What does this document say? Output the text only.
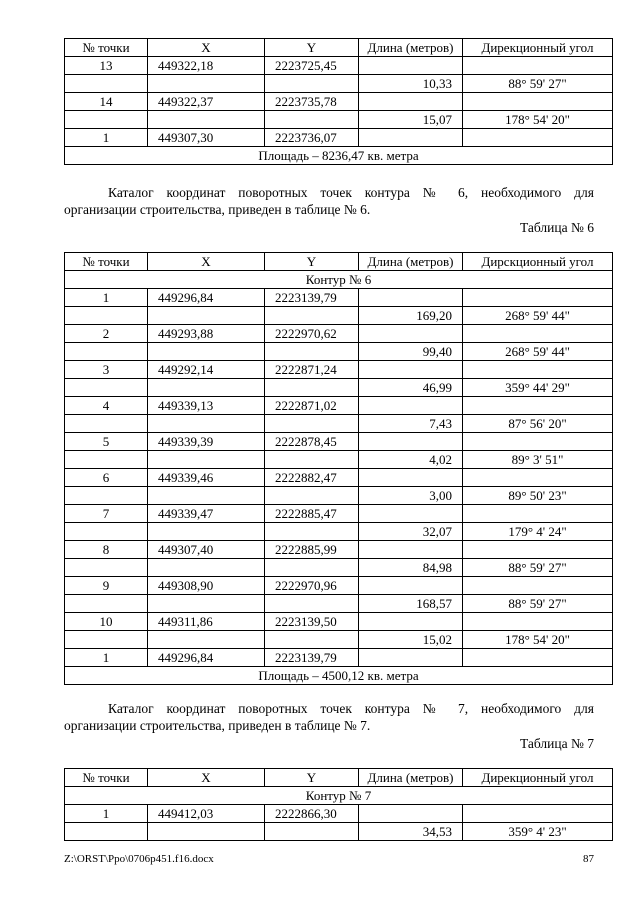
№ точки	X	Y	Длина (метров)	Дирекционный угол
13	449322,18	2223725,45		
			10,33	88° 59' 27"
14	449322,37	2223735,78		
			15,07	178° 54' 20"
1	449307,30	2223736,07		
Площадь – 8236,47 кв. метра				
Каталог координат поворотных точек контура № 6, необходимого для
организации строительства, приведен в таблице № 6.
Таблица № 6
№ точки	X	Y	Длина (метров)	Дирскционный угол
Контур № 6				
1	449296,84	2223139,79		
			169,20	268° 59' 44"
2	449293,88	2222970,62		
			99,40	268° 59' 44"
3	449292,14	2222871,24		
			46,99	359° 44' 29"
4	449339,13	2222871,02		
			7,43	87° 56' 20"
5	449339,39	2222878,45		
			4,02	89° 3' 51"
6	449339,46	2222882,47		
			3,00	89° 50' 23"
7	449339,47	2222885,47		
			32,07	179° 4' 24"
8	449307,40	2222885,99		
			84,98	88° 59' 27"
9	449308,90	2222970,96		
			168,57	88° 59' 27"
10	449311,86	2223139,50		
			15,02	178° 54' 20"
1	449296,84	2223139,79		
Площадь – 4500,12 кв. метра				
Каталог координат поворотных точек контура № 7, необходимого для
организации строительства, приведен в таблице № 7.
Таблица № 7
№ точки	X	Y	Длина (метров)	Дирекционный угол
Контур № 7				
1	449412,03	2222866,30		
			34,53	359° 4' 23"
Z:\ORST\Ppo\0706p451.f16.docx	87
